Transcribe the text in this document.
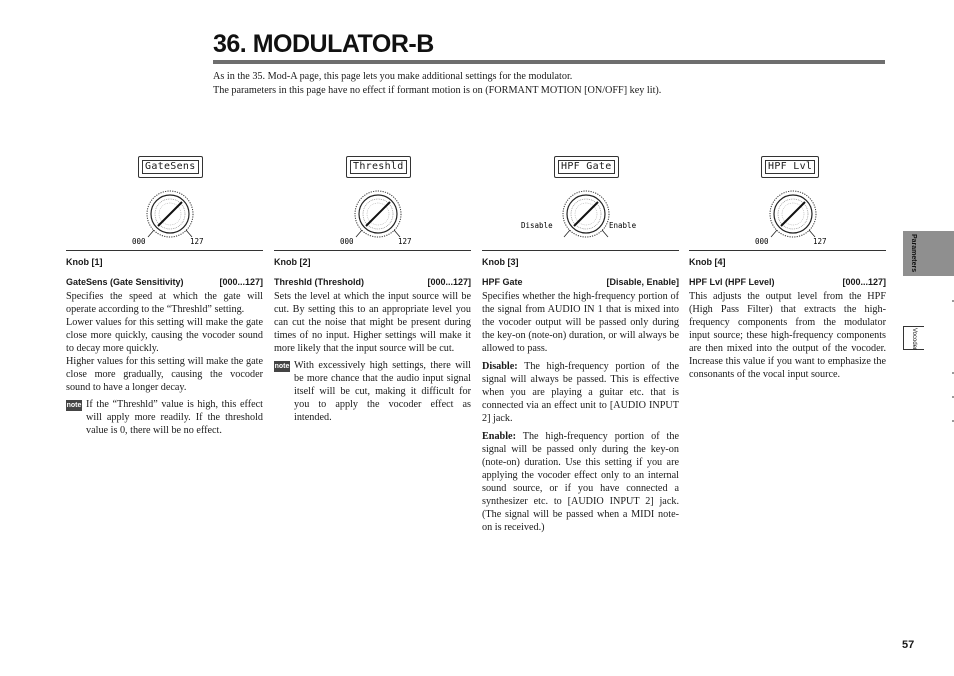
36. MODULATOR-B

As in the 35. Mod-A page, this page lets you make additional settings for the modulator.

The parameters in this page have no effect if formant motion is on (FORMANT MOTION [ON/OFF] key lit).

GateSens
000	127
Knob [1]
GateSens (Gate Sensitivity)	[000...127]

Specifies the speed at which the gate will operate according to the “Threshld” setting.

Lower values for this setting will make the gate close more quickly, causing the vocoder sound to decay more quickly.

Higher values for this setting will make the gate close more gradually, causing the vocoder sound to have a longer decay.

note If the “Threshld” value is high, this effect will apply more readily. If the threshold value is 0, there will be no effect.
Threshld
000	127
Knob [2]
Threshld (Threshold)	[000...127]

Sets the level at which the input source will be cut. By setting this to an appropriate level you can cut the noise that might be present during times of no input. Higher settings will make it more likely that the input source will be cut.

note With excessively high settings, there will be more chance that the audio input signal itself will be cut, making it difficult for you to apply the vocoder effect as intended.
HPF Gate
Disable	Enable
Knob [3]
HPF Gate	[Disable, Enable]

Specifies whether the high-frequency portion of the signal from AUDIO IN 1 that is mixed into the vocoder output will be passed only during the key-on (note-on) duration, or will always be allowed to pass.

Disable: The high-frequency portion of the signal will always be passed. This is effective when you are playing a guitar etc. that is connected via an effect unit to [AUDIO INPUT 2] jack.

Enable: The high-frequency portion of the signal will be passed only during the key-on (note-on) duration. Use this setting if you are applying the vocoder effect only to an internal sound source, or if you have connected a synthesizer etc. to [AUDIO INPUT 2] jack. (The signal will be passed when a MIDI note-on is received.)

HPF Lvl
000	127
Knob [4]
HPF Lvl (HPF Level)	[000...127]

This adjusts the output level from the HPF (High Pass Filter) that extracts the high-frequency components from the modulator input source; these high-frequency components are then mixed into the output of the vocoder. Increase this value if you want to emphasize the consonants of the vocal input source.

Parameters
Vocoder
57
